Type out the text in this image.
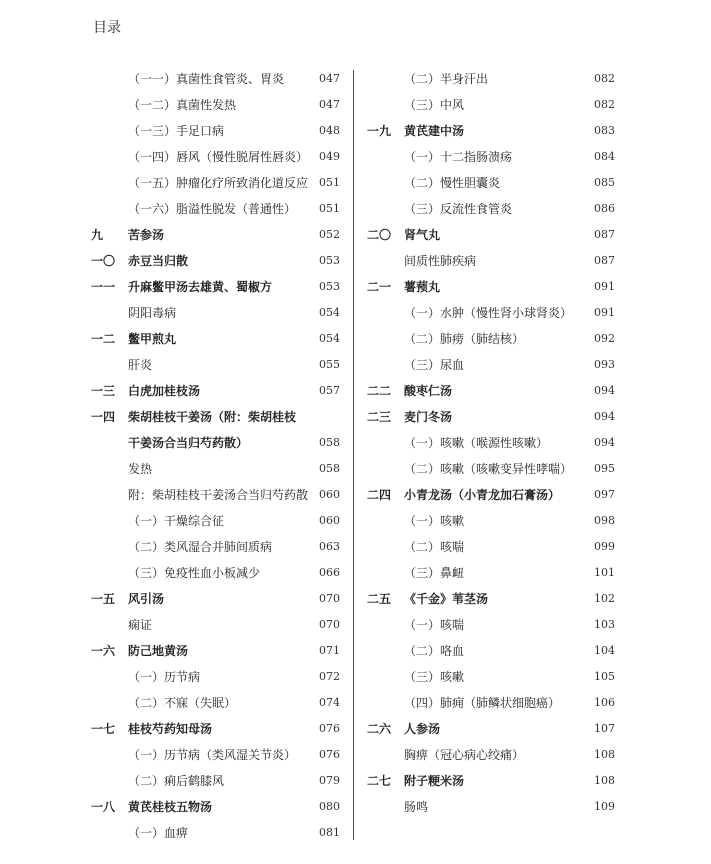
目录
（一一）真菌性食管炎、胃炎	047
（一二）真菌性发热	047
（一三）手足口病	048
（一四）唇风（慢性脱屑性唇炎） 049
（一五）肿瘤化疗所致消化道反应 051
（一六）脂溢性脱发（普通性） 051
九 苦参汤	052
一〇 赤豆当归散	053
一一 升麻鳖甲汤去雄黄、蜀椒方	053
阴阳毒病	054
一二 鳖甲煎丸	054
肝炎	055
一三 白虎加桂枝汤	057
一四 柴胡桂枝干姜汤（附：柴胡桂枝
干姜汤合当归芍药散）	058
发热	058
附：柴胡桂枝干姜汤合当归芍药散 060
（一）干燥综合征	060
（二）类风湿合并肺间质病	063
（三）免疫性血小板减少	066
一五 风引汤	070
痫证	070
一六 防己地黄汤	071
（一）历节病	072
（二）不寐（失眠）	074
一七 桂枝芍药知母汤	076
（一）历节病（类风湿关节炎） 076
（二）痢后鹤膝风	079
一八 黄芪桂枝五物汤	080
（一）血痹	081
（二）半身汗出	082
（三）中风	082
一九 黄芪建中汤	083
（一）十二指肠溃疡	084
（二）慢性胆囊炎	085
（三）反流性食管炎	086
二〇 肾气丸	087
间质性肺疾病	087
二一 薯蓣丸	091
（一）水肿（慢性肾小球肾炎） 091
（二）肺痨（肺结核）	092
（三）尿血	093
二二 酸枣仁汤	094
二三 麦门冬汤	094
（一）咳嗽（喉源性咳嗽）	094
（二）咳嗽（咳嗽变异性哮喘） 095
二四 小青龙汤（小青龙加石膏汤）	097
（一）咳嗽	098
（二）咳喘	099
（三）鼻衄	101
二五 《千金》苇茎汤	102
（一）咳喘	103
（二）咯血	104
（三）咳嗽	105
（四）肺痈（肺鳞状细胞癌）	106
二六 人参汤	107
胸痹（冠心病心绞痛）	108
二七 附子粳米汤	108
肠鸣	109
